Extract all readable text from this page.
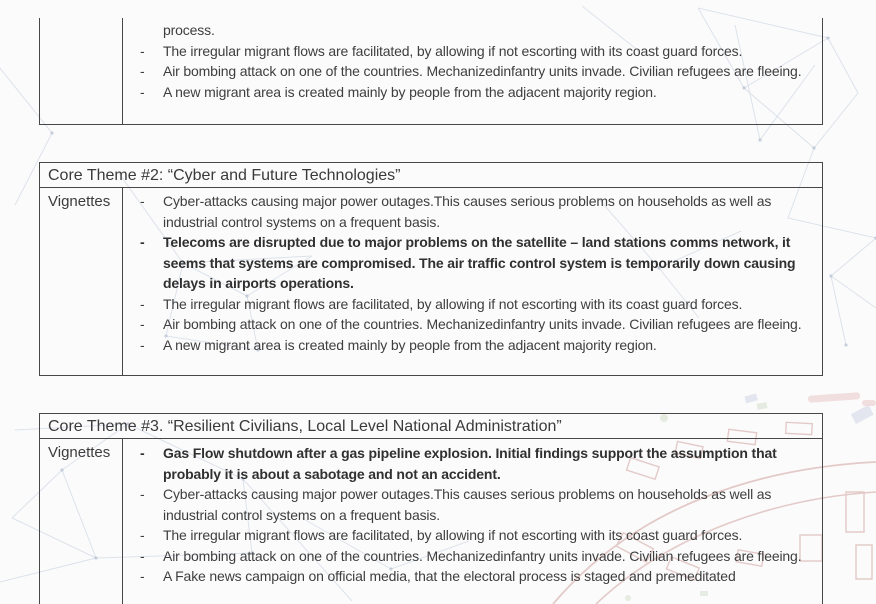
process.
- The irregular migrant flows are facilitated, by allowing if not escorting with its coast guard forces.
- Air bombing attack on one of the countries. Mechanizedinfantry units invade. Civilian refugees are fleeing.
- A new migrant area is created mainly by people from the adjacent majority region.
Core Theme #2: “Cyber and Future Technologies”
Vignettes	- Cyber-attacks causing major power outages.This causes serious problems on households as well as industrial control systems on a frequent basis.
- Telecoms are disrupted due to major problems on the satellite – land stations comms network, it seems that systems are compromised. The air traffic control system is temporarily down causing delays in airports operations.
- The irregular migrant flows are facilitated, by allowing if not escorting with its coast guard forces.
- Air bombing attack on one of the countries. Mechanizedinfantry units invade. Civilian refugees are fleeing.
- A new migrant area is created mainly by people from the adjacent majority region.
Core Theme #3. “Resilient Civilians, Local Level National Administration”
Vignettes	- Gas Flow shutdown after a gas pipeline explosion. Initial findings support the assumption that probably it is about a sabotage and not an accident.
- Cyber-attacks causing major power outages.This causes serious problems on households as well as industrial control systems on a frequent basis.
- The irregular migrant flows are facilitated, by allowing if not escorting with its coast guard forces.
- Air bombing attack on one of the countries. Mechanizedinfantry units invade. Civilian refugees are fleeing.
- A Fake news campaign on official media, that the electoral process is staged and premeditated
